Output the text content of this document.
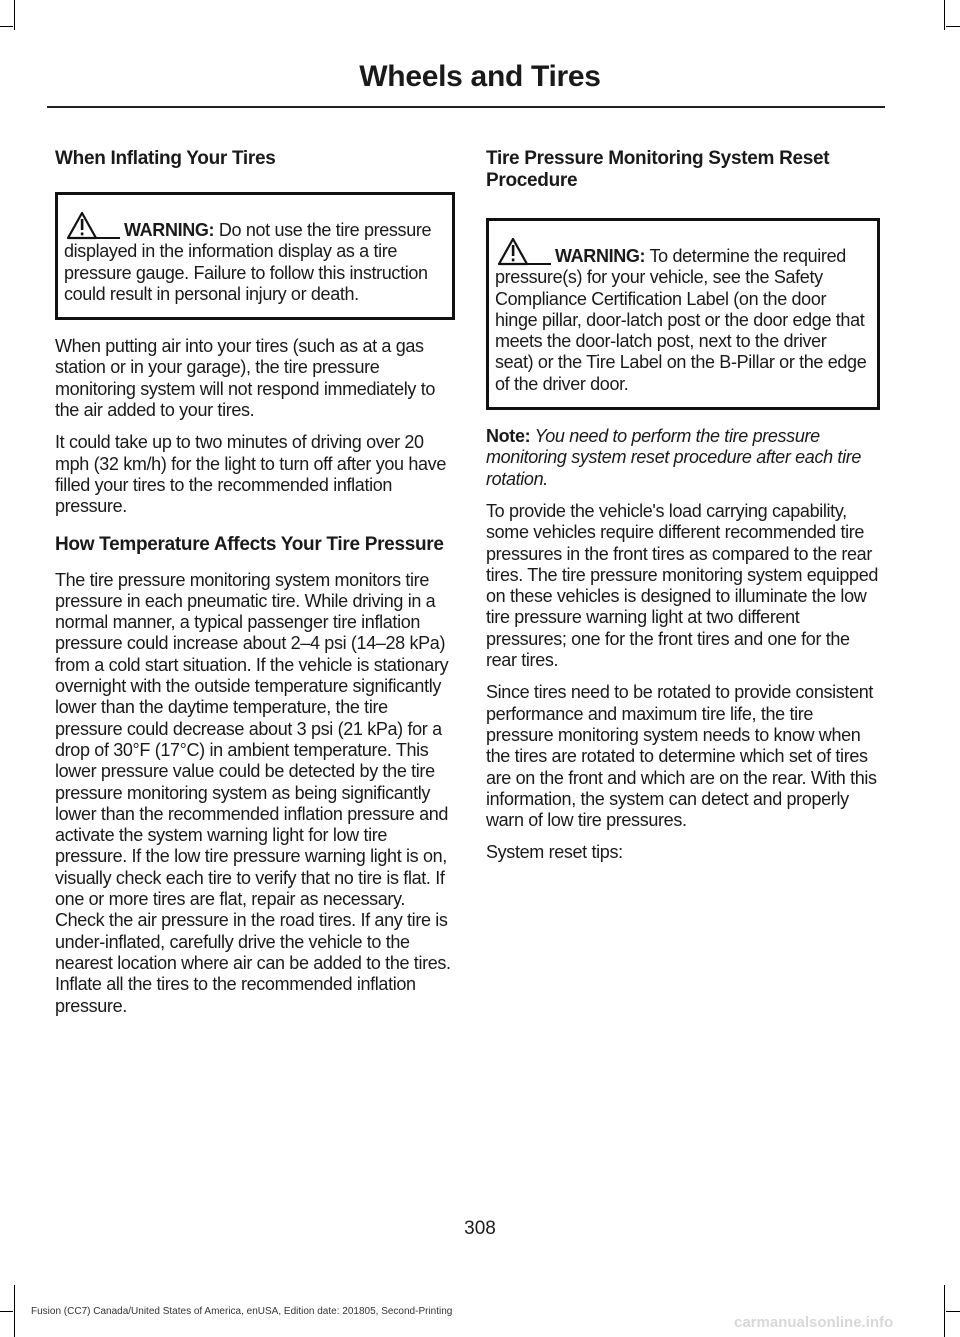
Wheels and Tires
When Inflating Your Tires
WARNING: Do not use the tire pressure displayed in the information display as a tire pressure gauge. Failure to follow this instruction could result in personal injury or death.

When putting air into your tires (such as at a gas station or in your garage), the tire pressure monitoring system will not respond immediately to the air added to your tires.

It could take up to two minutes of driving over 20 mph (32 km/h) for the light to turn off after you have filled your tires to the recommended inflation pressure.

How Temperature Affects Your Tire Pressure

The tire pressure monitoring system monitors tire pressure in each pneumatic tire. While driving in a normal manner, a typical passenger tire inflation pressure could increase about 2–4 psi (14–28 kPa) from a cold start situation. If the vehicle is stationary overnight with the outside temperature significantly lower than the daytime temperature, the tire pressure could decrease about 3 psi (21 kPa) for a drop of 30°F (17°C) in ambient temperature. This lower pressure value could be detected by the tire pressure monitoring system as being significantly lower than the recommended inflation pressure and activate the system warning light for low tire pressure. If the low tire pressure warning light is on, visually check each tire to verify that no tire is flat. If one or more tires are flat, repair as necessary. Check the air pressure in the road tires. If any tire is under-inflated, carefully drive the vehicle to the nearest location where air can be added to the tires. Inflate all the tires to the recommended inflation pressure.

Tire Pressure Monitoring System Reset Procedure
WARNING: To determine the required pressure(s) for your vehicle, see the Safety Compliance Certification Label (on the door hinge pillar, door-latch post or the door edge that meets the door-latch post, next to the driver seat) or the Tire Label on the B-Pillar or the edge of the driver door.

Note: You need to perform the tire pressure monitoring system reset procedure after each tire rotation.

To provide the vehicle's load carrying capability, some vehicles require different recommended tire pressures in the front tires as compared to the rear tires. The tire pressure monitoring system equipped on these vehicles is designed to illuminate the low tire pressure warning light at two different pressures; one for the front tires and one for the rear tires.

Since tires need to be rotated to provide consistent performance and maximum tire life, the tire pressure monitoring system needs to know when the tires are rotated to determine which set of tires are on the front and which are on the rear. With this information, the system can detect and properly warn of low tire pressures.

System reset tips:

308
Fusion (CC7) Canada/United States of America, enUSA, Edition date: 201805, Second-Printing
carmanualsonline.info
